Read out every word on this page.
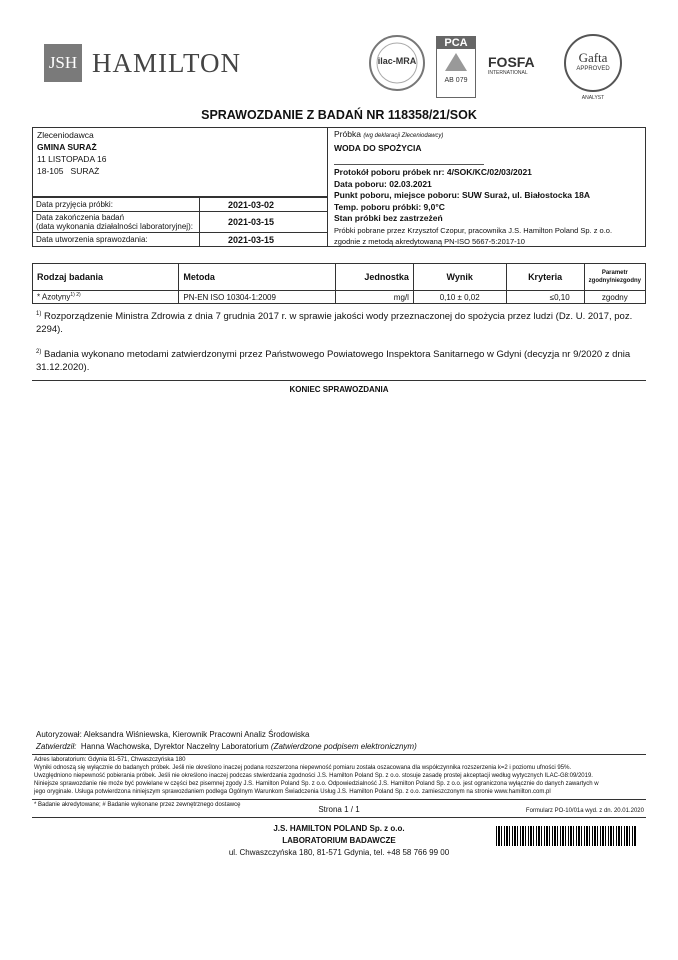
JSH HAMILTON	ilac-MRA
PCA
AB 079
FOSFA
INTERNATIONAL
Gafta
APPROVED
ANALYST
SPRAWOZDANIE Z BADAŃ NR 118358/21/SOK
Zleceniodawca
GMINA SURAŻ
11 LISTOPADA 16
18-105   SURAŻ
Data przyjęcia próbki:	2021-03-02

Data zakończenia badań
(data wykonania działalności laboratoryjnej):	2021-03-15
Data utworzenia sprawozdania:	2021-03-15
Próbka (wg deklaracji Zleceniodawcy)
WODA DO SPOŻYCIA
Protokół poboru próbek nr: 4/SOK/KC/02/03/2021
Data poboru: 02.03.2021
Punkt poboru, miejsce poboru: SUW Suraż, ul. Białostocka 18A
Temp. poboru próbki: 9,0°C
Stan próbki bez zastrzeżeń
Próbki pobrane przez Krzysztof Czopur, pracownika J.S. Hamilton Poland Sp. z o.o.
zgodnie z metodą akredytowaną PN-ISO 5667-5:2017-10
Rodzaj badania	Metoda	Jednostka	Wynik	Kryteria	Parametr
zgodny/niezgodny

* Azotyny$^{1) 2)}$	PN-EN ISO 10304-1:2009	mg/l	0,10 ± 0,02	≤0,10	zgodny
$^{1)}$ Rozporządzenie Ministra Zdrowia z dnia 7 grudnia 2017 r. w sprawie jakości wody przeznaczonej do spożycia przez ludzi (Dz. U. 2017, poz. 2294).
$^{2)}$ Badania wykonano metodami zatwierdzonymi przez Państwowego Powiatowego Inspektora Sanitarnego w Gdyni (decyzja nr 9/2020 z dnia 31.12.2020).
KONIEC SPRAWOZDANIA
Autoryzował: Aleksandra Wiśniewska, Kierownik Pracowni Analiz Środowiska
Zatwierdził: Hanna Wachowska, Dyrektor Naczelny Laboratorium (Zatwierdzone podpisem elektronicznym)
Adres laboratorium: Gdynia 81-571, Chwaszczyńska 180
Wyniki odnoszą się wyłącznie do badanych próbek. Jeśli nie określono inaczej podana rozszerzona niepewność pomiaru została oszacowana dla współczynnika rozszerzenia k=2 i poziomu ufności 95%.
Uwzględniono niepewność pobierania próbek. Jeśli nie określono inaczej podczas stwierdzania zgodności J.S. Hamilton Poland Sp. z o.o. stosuje zasadę prostej akceptacji według wytycznych ILAC-G8:09/2019.
Niniejsze sprawozdanie nie może być powielane w części bez pisemnej zgody J.S. Hamilton Poland Sp. z o.o. Odpowiedzialność J.S. Hamilton Poland Sp. z o.o. jest ograniczona wyłącznie do danych zawartych w
jego oryginale. Usługa potwierdzona niniejszym sprawozdaniem podlega Ogólnym Warunkom Świadczenia Usług J.S. Hamilton Poland Sp. z o.o. zamieszczonym na stronie www.hamilton.com.pl
* Badanie akredytowane; # Badanie wykonane przez zewnętrznego dostawcę	Strona 1 / 1	Formularz PO-10/01a wyd. z dn. 20.01.2020
J.S. HAMILTON POLAND Sp. z o.o.
LABORATORIUM BADAWCZE
ul. Chwaszczyńska 180, 81-571 Gdynia, tel. +48 58 766 99 00
